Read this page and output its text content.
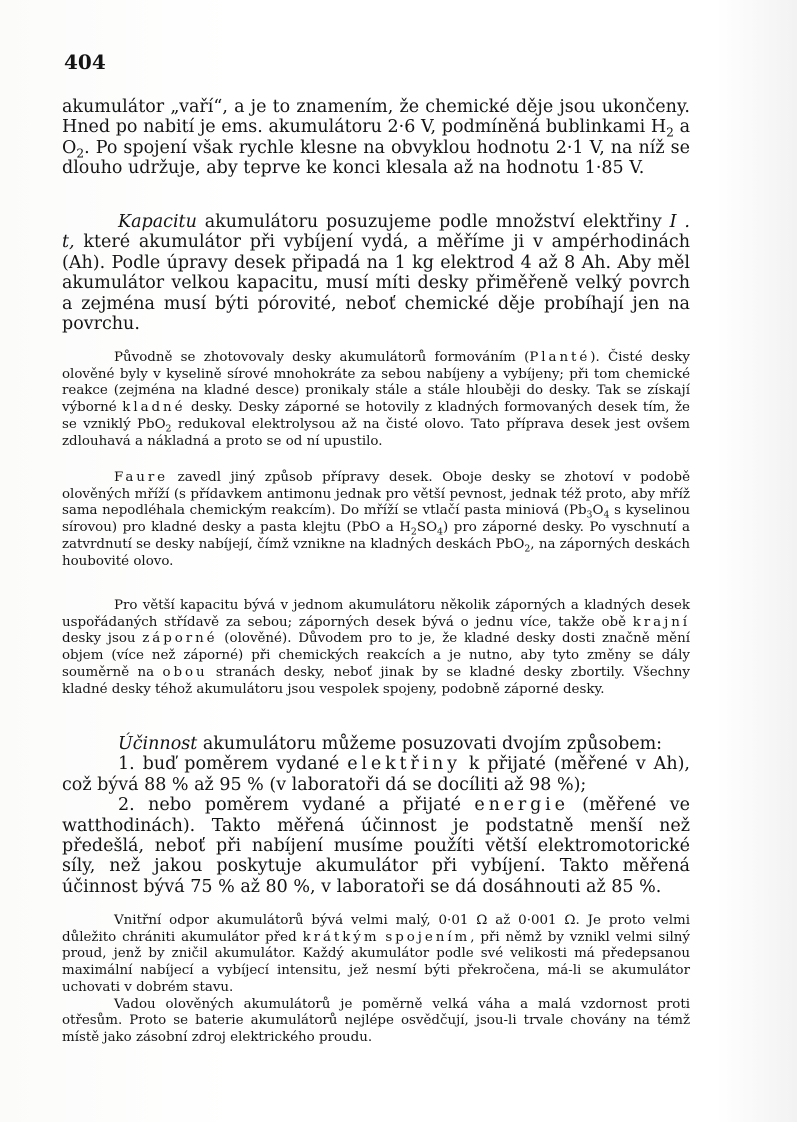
404

akumulátor „vaří“, a je to znamením, že chemické děje jsou ukončeny. Hned po nabití je ems. akumulátoru 2·6 V, podmíněná bublinkami $H_2$ a $O_2$. Po spojení však rychle klesne na obvyklou hodnotu 2·1 V, na níž se dlouho udržuje, aby teprve ke konci klesala až na hodnotu 1·85 V.

Kapacitu akumulátoru posuzujeme podle množství elektřiny I . t, které akumulátor při vybíjení vydá, a měříme ji v ampérhodinách (Ah). Podle úpravy desek připadá na 1 kg elektrod 4 až 8 Ah. Aby měl akumulátor velkou kapacitu, musí míti desky přiměřeně velký povrch a zejména musí býti pórovité, neboť chemické děje probíhají jen na povrchu.

Původně se zhotovovaly desky akumulátorů formováním (Planté). Čisté desky olověné byly v kyselině sírové mnohokráte za sebou nabíjeny a vybíjeny; při tom chemické reakce (zejména na kladné desce) pronikaly stále a stále hlouběji do desky. Tak se získají výborné kladné desky. Desky záporné se hotovily z kladných formovaných desek tím, že se vzniklý PbO$_2$ redukoval elektrolysou až na čisté olovo. Tato příprava desek jest ovšem zdlouhavá a nákladná a proto se od ní upustilo.

Faure zavedl jiný způsob přípravy desek. Oboje desky se zhotoví v podobě olověných mříží (s přídavkem antimonu jednak pro větší pevnost, jednak též proto, aby mříž sama nepodléhala chemickým reakcím). Do mříží se vtlačí pasta miniová ($Pb_3O_4$ s kyselinou sírovou) pro kladné desky a pasta klejtu (PbO a $H_2SO_4$) pro záporné desky. Po vyschnutí a zatvrdnutí se desky nabíjejí, čímž vznikne na kladných deskách PbO$_2$, na záporných deskách houbovité olovo.

Pro větší kapacitu bývá v jednom akumulátoru několik záporných a kladných desek uspořádaných střídavě za sebou; záporných desek bývá o jednu více, takže obě krajní desky jsou záporné (olověné). Důvodem pro to je, že kladné desky dosti značně mění objem (více než záporné) při chemických reakcích a je nutno, aby tyto změny se dály souměrně na obou stranách desky, neboť jinak by se kladné desky zbortily. Všechny kladné desky téhož akumulátoru jsou vespolek spojeny, podobně záporné desky.

Účinnost akumulátoru můžeme posuzovati dvojím způsobem:

1. buď poměrem vydané elektřiny k přijaté (měřené v Ah), což bývá 88 % až 95 % (v laboratoři dá se docíliti až 98 %);

2. nebo poměrem vydané a přijaté energie (měřené ve watthodinách). Takto měřená účinnost je podstatně menší než předešlá, neboť při nabíjení musíme použíti větší elektromotorické síly, než jakou poskytuje akumulátor při vybíjení. Takto měřená účinnost bývá 75 % až 80 %, v laboratoři se dá dosáhnouti až 85 %.

Vnitřní odpor akumulátorů bývá velmi malý, 0·01 Ω až 0·001 Ω. Je proto velmi důležito chrániti akumulátor před krátkým spojením, při němž by vznikl velmi silný proud, jenž by zničil akumulátor. Každý akumulátor podle své velikosti má předepsanou maximální nabíjecí a vybíjecí intensitu, jež nesmí býti překročena, má-li se akumulátor uchovati v dobrém stavu.

Vadou olověných akumulátorů je poměrně velká váha a malá vzdornost proti otřesům. Proto se baterie akumulátorů nejlépe osvědčují, jsou-li trvale chovány na témž místě jako zásobní zdroj elektrického proudu.
